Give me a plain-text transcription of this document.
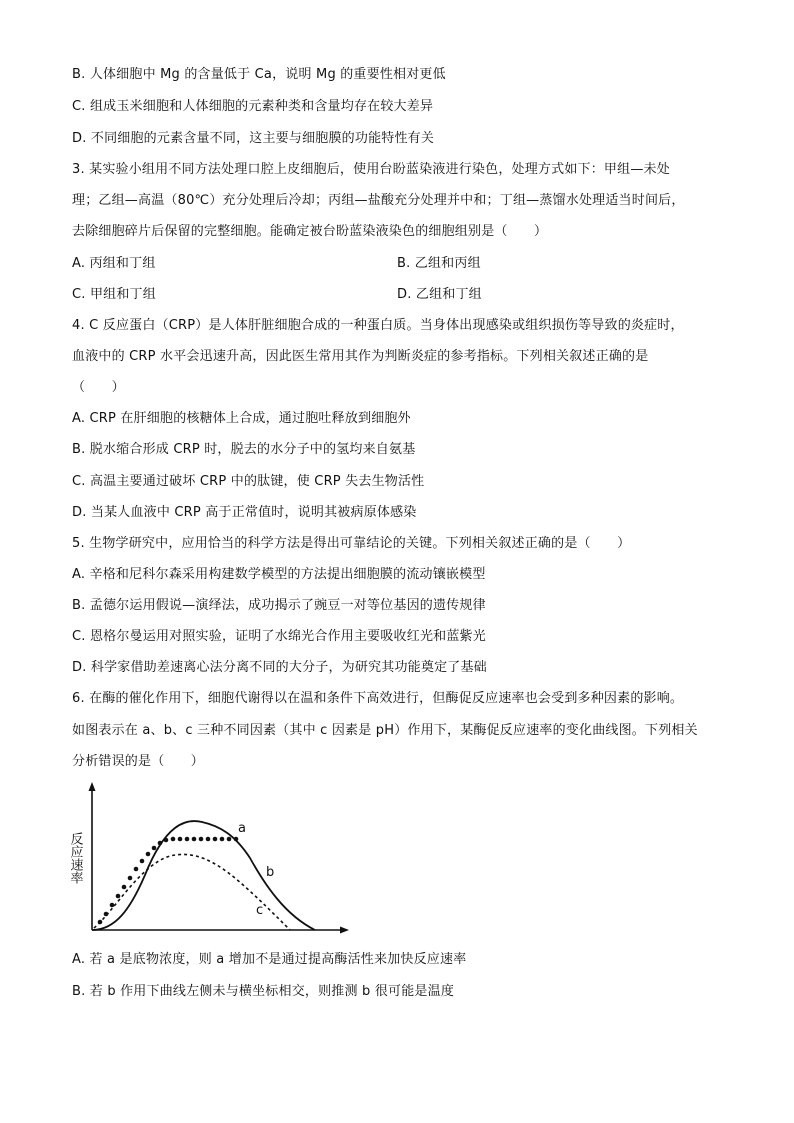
B. 人体细胞中 Mg 的含量低于 Ca，说明 Mg 的重要性相对更低
C. 组成玉米细胞和人体细胞的元素种类和含量均存在较大差异
D. 不同细胞的元素含量不同，这主要与细胞膜的功能特性有关
3. 某实验小组用不同方法处理口腔上皮细胞后，使用台盼蓝染液进行染色，处理方式如下：甲组—未处
理；乙组—高温（80℃）充分处理后冷却；丙组—盐酸充分处理并中和；丁组—蒸馏水处理适当时间后，
去除细胞碎片后保留的完整细胞。能确定被台盼蓝染液染色的细胞组别是（　　）
A. 丙组和丁组	B. 乙组和丙组
C. 甲组和丁组	D. 乙组和丁组
4. C 反应蛋白（CRP）是人体肝脏细胞合成的一种蛋白质。当身体出现感染或组织损伤等导致的炎症时，
血液中的 CRP 水平会迅速升高，因此医生常用其作为判断炎症的参考指标。下列相关叙述正确的是
（　　）
A. CRP 在肝细胞的核糖体上合成，通过胞吐释放到细胞外
B. 脱水缩合形成 CRP 时，脱去的水分子中的氢均来自氨基
C. 高温主要通过破坏 CRP 中的肽键，使 CRP 失去生物活性
D. 当某人血液中 CRP 高于正常值时，说明其被病原体感染
5. 生物学研究中，应用恰当的科学方法是得出可靠结论的关键。下列相关叙述正确的是（　　）
A. 辛格和尼科尔森采用构建数学模型的方法提出细胞膜的流动镶嵌模型
B. 孟德尔运用假说—演绎法，成功揭示了豌豆一对等位基因的遗传规律
C. 恩格尔曼运用对照实验，证明了水绵光合作用主要吸收红光和蓝紫光
D. 科学家借助差速离心法分离不同的大分子，为研究其功能奠定了基础
6. 在酶的催化作用下，细胞代谢得以在温和条件下高效进行，但酶促反应速率也会受到多种因素的影响。
如图表示在 a、b、c 三种不同因素（其中 c 因素是 pH）作用下，某酶促反应速率的变化曲线图。下列相关
分析错误的是（　　）
反应速率
a
b
c
A. 若 a 是底物浓度，则 a 增加不是通过提高酶活性来加快反应速率
B. 若 b 作用下曲线左侧未与横坐标相交，则推测 b 很可能是温度
